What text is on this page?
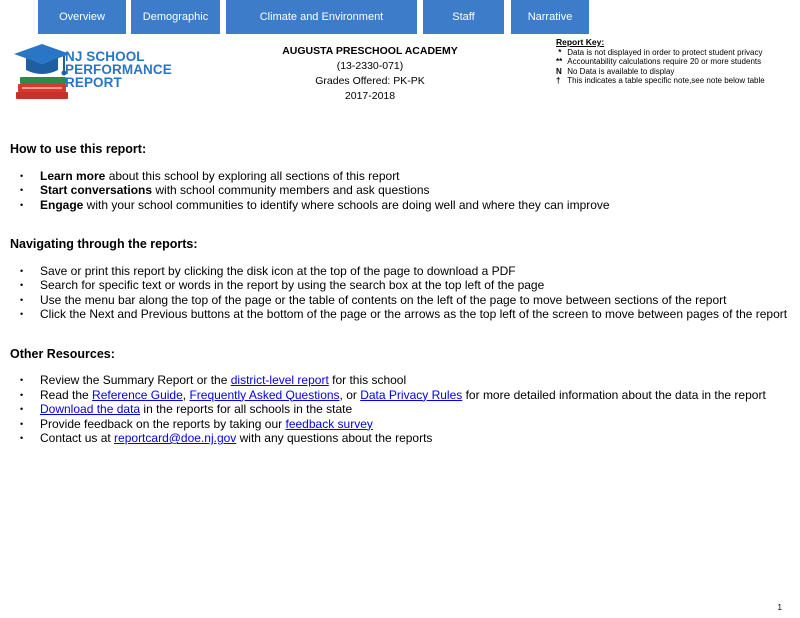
Overview	Demographic	Climate and Environment	Staff	Narrative
NJ SCHOOL
PERFORMANCE
REPORT
AUGUSTA PRESCHOOL ACADEMY
(13-2330-071)
Grades Offered: PK-PK
2017-2018
Report Key:
* Data is not displayed in order to protect student privacy
** Accountability calculations require 20 or more students
N No Data is available to display
† This indicates a table specific note,see note below table
How to use this report:
• Learn more about this school by exploring all sections of this report
• Start conversations with school community members and ask questions
• Engage with your school communities to identify where schools are doing well and where they can improve
Navigating through the reports:
• Save or print this report by clicking the disk icon at the top of the page to download a PDF
• Search for specific text or words in the report by using the search box at the top left of the page
• Use the menu bar along the top of the page or the table of contents on the left of the page to move between sections of the report
• Click the Next and Previous buttons at the bottom of the page or the arrows as the top left of the screen to move between pages of the report
Other Resources:
• Review the Summary Report or the district-level report for this school
• Read the Reference Guide, Frequently Asked Questions, or Data Privacy Rules for more detailed information about the data in the report
• Download the data in the reports for all schools in the state
• Provide feedback on the reports by taking our feedback survey
• Contact us at reportcard@doe.nj.gov with any questions about the reports
1
